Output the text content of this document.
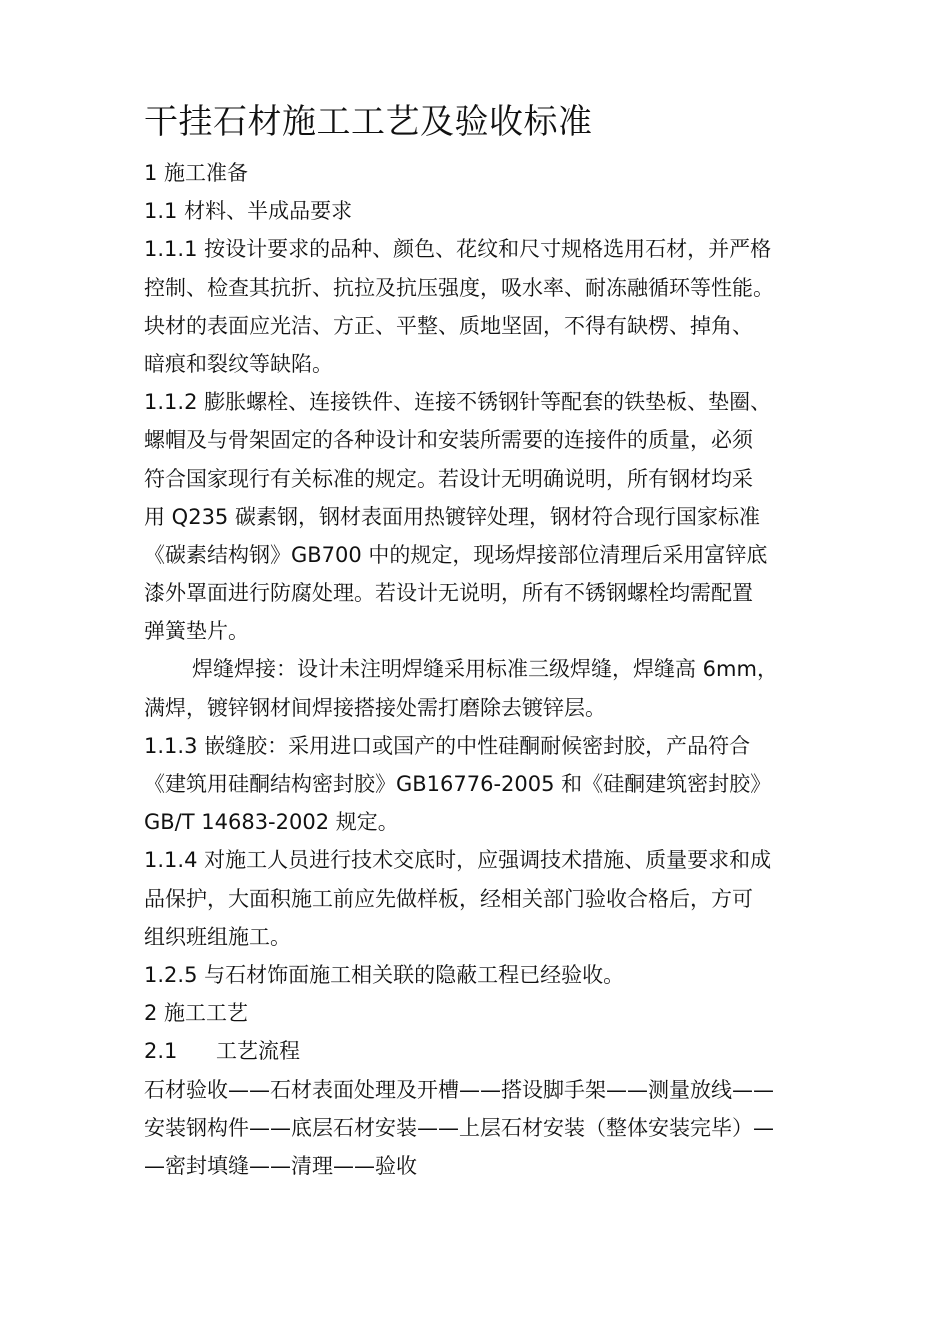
干挂石材施工工艺及验收标准
1 施工准备
1.1 材料、半成品要求
1.1.1 按设计要求的品种、颜色、花纹和尺寸规格选用石材，并严格
控制、检查其抗折、抗拉及抗压强度，吸水率、耐冻融循环等性能。
块材的表面应光洁、方正、平整、质地坚固，不得有缺楞、掉角、
暗痕和裂纹等缺陷。
1.1.2 膨胀螺栓、连接铁件、连接不锈钢针等配套的铁垫板、垫圈、
螺帽及与骨架固定的各种设计和安装所需要的连接件的质量，必须
符合国家现行有关标准的规定。若设计无明确说明，所有钢材均采
用 Q235 碳素钢，钢材表面用热镀锌处理，钢材符合现行国家标准
《碳素结构钢》GB700 中的规定，现场焊接部位清理后采用富锌底
漆外罩面进行防腐处理。若设计无说明，所有不锈钢螺栓均需配置
弹簧垫片。
焊缝焊接：设计未注明焊缝采用标准三级焊缝，焊缝高 6mm，
满焊，镀锌钢材间焊接搭接处需打磨除去镀锌层。
1.1.3 嵌缝胶：采用进口或国产的中性硅酮耐候密封胶，产品符合
《建筑用硅酮结构密封胶》GB16776-2005 和《硅酮建筑密封胶》
GB/T 14683-2002 规定。
1.1.4 对施工人员进行技术交底时，应强调技术措施、质量要求和成
品保护，大面积施工前应先做样板，经相关部门验收合格后，方可
组织班组施工。
1.2.5 与石材饰面施工相关联的隐蔽工程已经验收。
2 施工工艺
2.1 工艺流程
石材验收——石材表面处理及开槽——搭设脚手架——测量放线——
安装钢构件——底层石材安装——上层石材安装（整体安装完毕）—
—密封填缝——清理——验收
